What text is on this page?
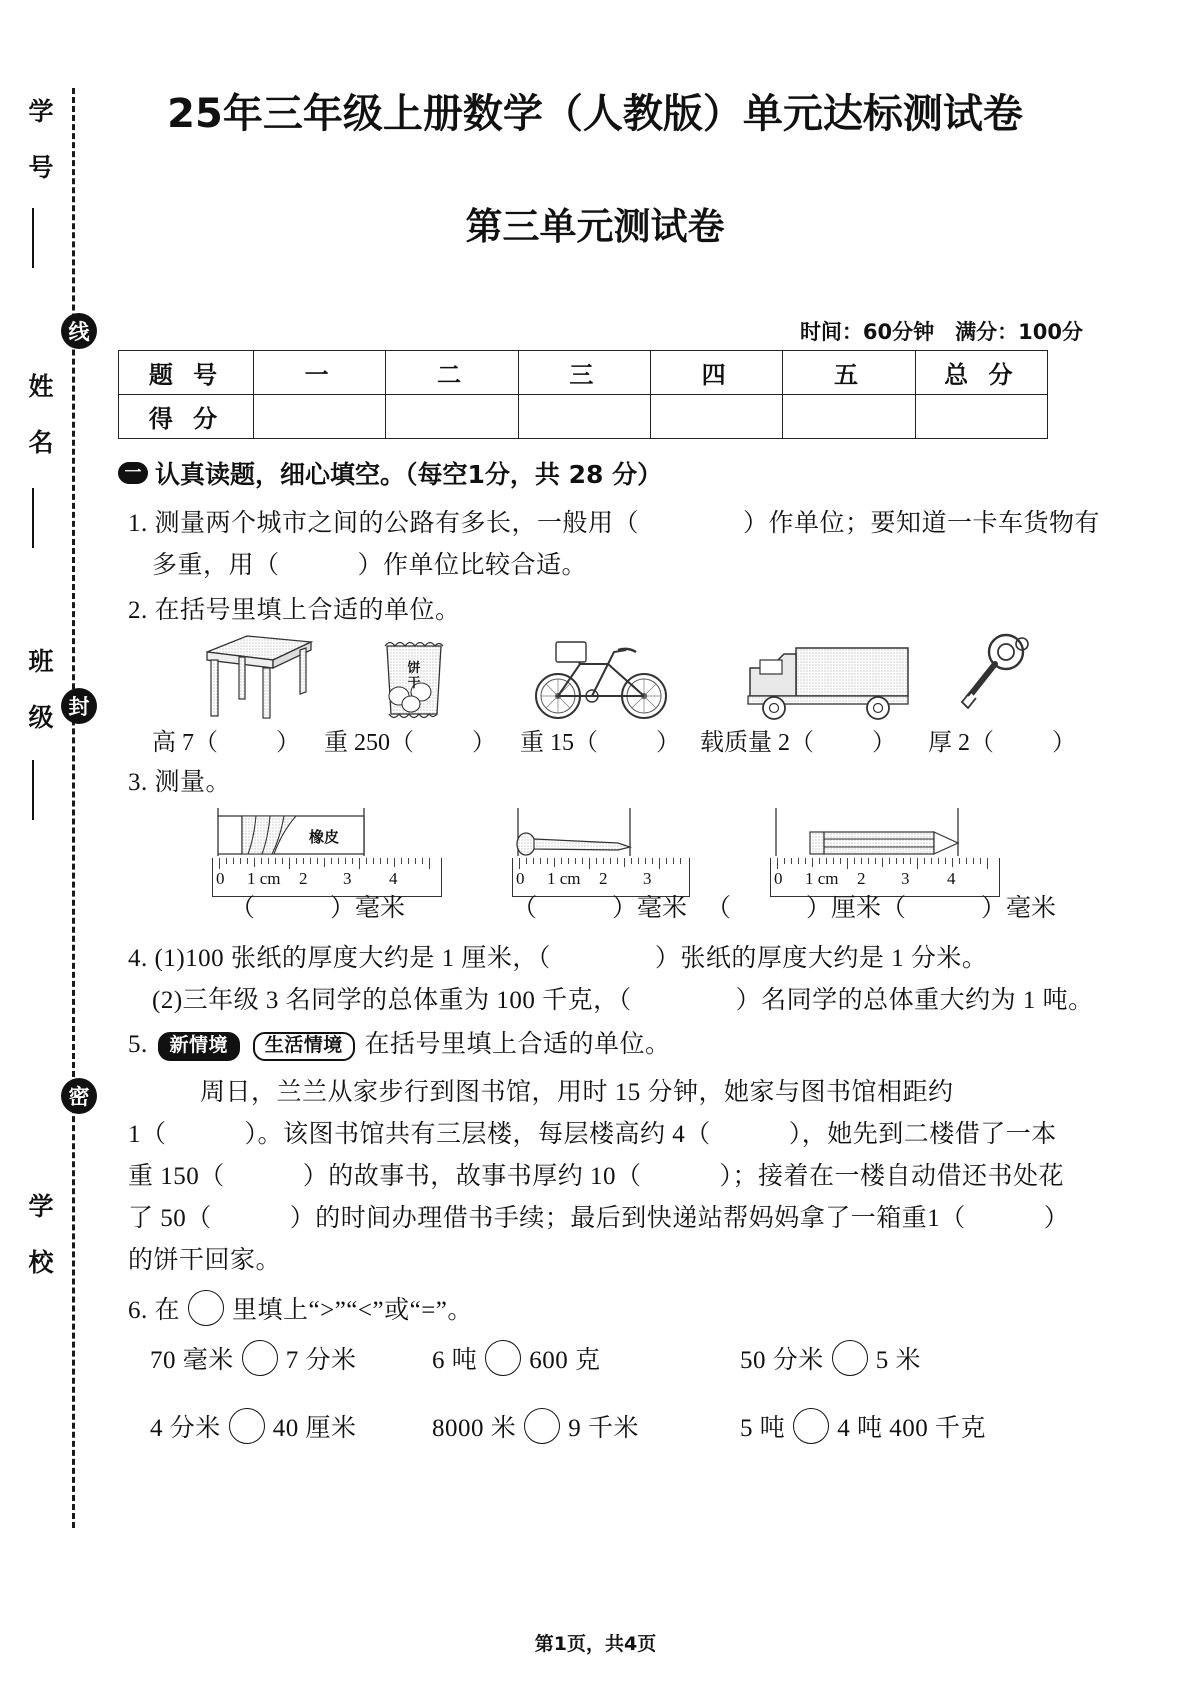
学 号
姓 名
班 级
学 校
线
封
密
25年三年级上册数学（人教版）单元达标测试卷
第三单元测试卷
时间：60分钟　满分：100分
题 号	一	二	三	四	五	总 分
得 分						
一 认真读题，细心填空。（每空1分，共 28 分）
1. 测量两个城市之间的公路有多长，一般用（	）作单位；要知道一卡车货物有
多重，用（	）作单位比较合适。
2. 在括号里填上合适的单位。
饼
干
高 7（ ） 重 250（ ） 重 15（ ） 载质量 2（ ） 厚 2（ ）
3. 测量。
橡皮
0 1 cm 2 3 4	0 1 cm 2 3	0 1 cm 2 3 4
（　　　）毫米	（　　　）毫米 （　　　）厘米（　　　）毫米
4. (1)100 张纸的厚度大约是 1 厘米，（	）张纸的厚度大约是 1 分米。
(2)三年级 3 名同学的总体重为 100 千克，（	）名同学的总体重大约为 1 吨。
5. 新情境 生活情境 在括号里填上合适的单位。
周日，兰兰从家步行到图书馆，用时 15 分钟，她家与图书馆相距约
1（	）。该图书馆共有三层楼，每层楼高约 4（	），她先到二楼借了一本
重 150（	）的故事书，故事书厚约 10（	）；接着在一楼自动借还书处花
了 50（	）的时间办理借书手续；最后到快递站帮妈妈拿了一箱重1（	）
的饼干回家。
6. 在 里填上“>”“<”或“=”。
70 毫米 7 分米	6 吨 600 克	50 分米 5 米
4 分米 40 厘米	8000 米 9 千米	5 吨 4 吨 400 千克
第1页，共4页
